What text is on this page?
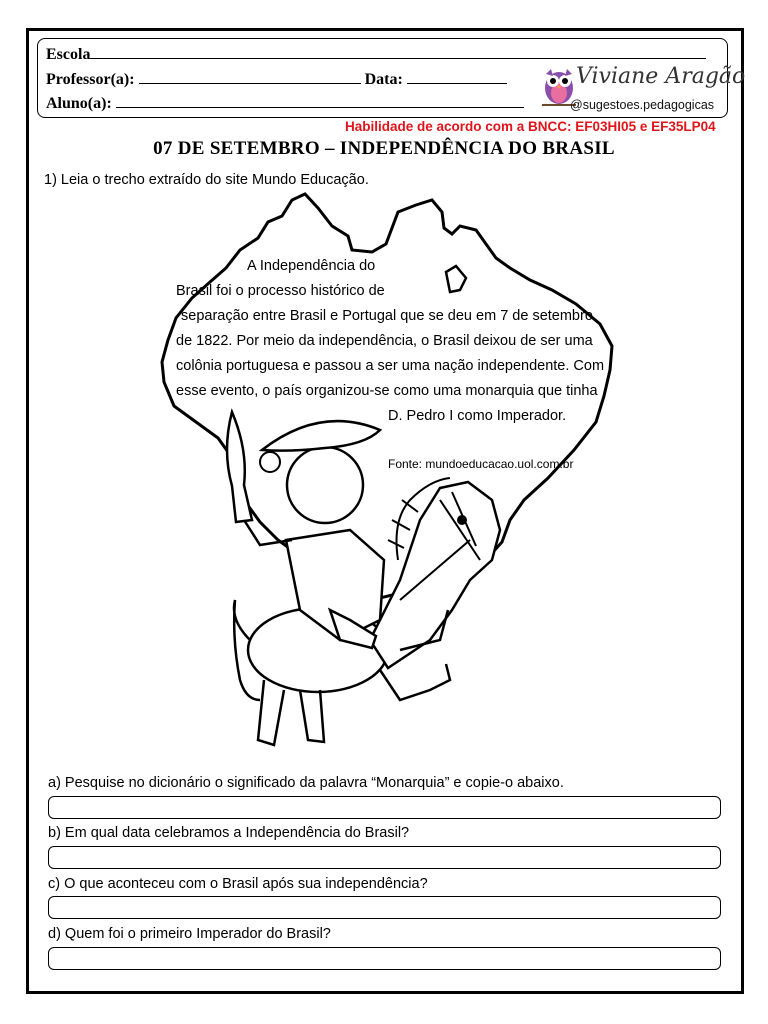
Escola
Professor(a):	Data:
Aluno(a):
Viviane Aragão
@sugestoes.pedagogicas
Habilidade de acordo com a BNCC: EF03HI05 e EF35LP04
07 DE SETEMBRO – INDEPENDÊNCIA DO BRASIL
1) Leia o trecho extraído do site Mundo Educação.
A Independência do
Brasil foi o processo histórico de
separação entre Brasil e Portugal que se deu em 7 de setembro
de 1822. Por meio da independência, o Brasil deixou de ser uma
colônia portuguesa e passou a ser uma nação independente. Com
esse evento, o país organizou-se como uma monarquia que tinha
D. Pedro I como Imperador.
Fonte: mundoeducacao.uol.com.br
a) Pesquise no dicionário o significado da palavra “Monarquia” e copie-o abaixo.
b) Em qual data celebramos a Independência do Brasil?
c) O que aconteceu com o Brasil após sua independência?
d) Quem foi o primeiro Imperador do Brasil?
